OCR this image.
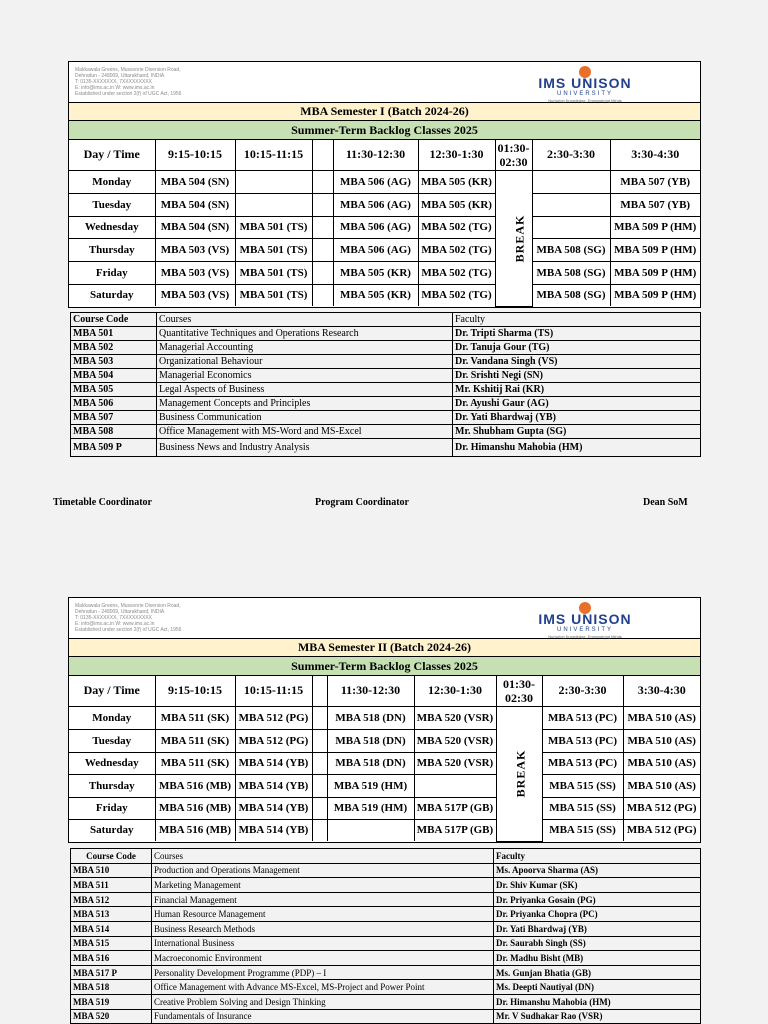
Makkawala Greens, Mussoorie Diversion Road,
Dehradun - 248009, Uttarakhand, INDIA
T: 0135-XXXXXXX, 7XXXXXXXXX
E: info@ims.ac.in W: www.ims.ac.in
Established under section 2(f) of UGC Act, 1956
IMS UNISON
UNIVERSITY
Nurturing Knowledge, Empowering Minds
MBA Semester I (Batch 2024-26)
Summer-Term Backlog Classes 2025
Day / Time	9:15-10:15	10:15-11:15		11:30-12:30	12:30-1:30	01:30-02:30	2:30-3:30	3:30-4:30
Monday	MBA 504 (SN)			MBA 506 (AG)	MBA 505 (KR)	BREAK		MBA 507 (YB)
Tuesday	MBA 504 (SN)			MBA 506 (AG)	MBA 505 (KR)			MBA 507 (YB)
Wednesday	MBA 504 (SN)	MBA 501 (TS)		MBA 506 (AG)	MBA 502 (TG)			MBA 509 P (HM)
Thursday	MBA 503 (VS)	MBA 501 (TS)		MBA 506 (AG)	MBA 502 (TG)		MBA 508 (SG)	MBA 509 P (HM)
Friday	MBA 503 (VS)	MBA 501 (TS)		MBA 505 (KR)	MBA 502 (TG)		MBA 508 (SG)	MBA 509 P (HM)
Saturday	MBA 503 (VS)	MBA 501 (TS)		MBA 505 (KR)	MBA 502 (TG)		MBA 508 (SG)	MBA 509 P (HM)
Course Code	Courses	Faculty
MBA 501	Quantitative Techniques and Operations Research	Dr. Tripti Sharma (TS)
MBA 502	Managerial Accounting	Dr. Tanuja Gour (TG)
MBA 503	Organizational Behaviour	Dr. Vandana Singh (VS)
MBA 504	Managerial Economics	Dr. Srishti Negi (SN)
MBA 505	Legal Aspects of Business	Mr. Kshitij Rai (KR)
MBA 506	Management Concepts and Principles	Dr. Ayushi Gaur (AG)
MBA 507	Business Communication	Dr. Yati Bhardwaj (YB)
MBA 508	Office Management with MS-Word and MS-Excel	Mr. Shubham Gupta (SG)
MBA 509 P	Business News and Industry Analysis	Dr. Himanshu Mahobia (HM)
Timetable Coordinator	Program Coordinator	Dean SoM
Makkawala Greens, Mussoorie Diversion Road,
Dehradun - 248009, Uttarakhand, INDIA
T: 0135-XXXXXXX, 7XXXXXXXXX
E: info@ims.ac.in W: www.ims.ac.in
Established under section 2(f) of UGC Act, 1956
IMS UNISON
UNIVERSITY
Nurturing Knowledge, Empowering Minds
MBA Semester II (Batch 2024-26)
Summer-Term Backlog Classes 2025
Day / Time	9:15-10:15	10:15-11:15		11:30-12:30	12:30-1:30	01:30-02:30	2:30-3:30	3:30-4:30
Monday	MBA 511 (SK)	MBA 512 (PG)		MBA 518 (DN)	MBA 520 (VSR)	BREAK	MBA 513 (PC)	MBA 510 (AS)
Tuesday	MBA 511 (SK)	MBA 512 (PG)		MBA 518 (DN)	MBA 520 (VSR)		MBA 513 (PC)	MBA 510 (AS)
Wednesday	MBA 511 (SK)	MBA 514 (YB)		MBA 518 (DN)	MBA 520 (VSR)		MBA 513 (PC)	MBA 510 (AS)
Thursday	MBA 516 (MB)	MBA 514 (YB)		MBA 519 (HM)			MBA 515 (SS)	MBA 510 (AS)
Friday	MBA 516 (MB)	MBA 514 (YB)		MBA 519 (HM)	MBA 517P (GB)		MBA 515 (SS)	MBA 512 (PG)
Saturday	MBA 516 (MB)	MBA 514 (YB)			MBA 517P (GB)		MBA 515 (SS)	MBA 512 (PG)
Course Code	Courses	Faculty
MBA 510	Production and Operations Management	Ms. Apoorva Sharma (AS)
MBA 511	Marketing Management	Dr. Shiv Kumar (SK)
MBA 512	Financial Management	Dr. Priyanka Gosain (PG)
MBA 513	Human Resource Management	Dr. Priyanka Chopra (PC)
MBA 514	Business Research Methods	Dr. Yati Bhardwaj (YB)
MBA 515	International Business	Dr. Saurabh Singh (SS)
MBA 516	Macroeconomic Environment	Dr. Madhu Bisht (MB)
MBA 517 P	Personality Development Programme (PDP) – I	Ms. Gunjan Bhatia (GB)
MBA 518	Office Management with Advance MS-Excel, MS-Project and Power Point	Ms. Deepti Nautiyal (DN)
MBA 519	Creative Problem Solving and Design Thinking	Dr. Himanshu Mahobia (HM)
MBA 520	Fundamentals of Insurance	Mr. V Sudhakar Rao (VSR)
